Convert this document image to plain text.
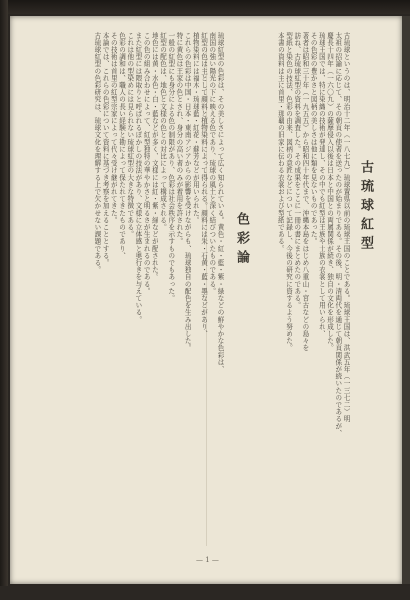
古琉球紅型
色彩論	古琉球というのは、明治十二年（一八七九）琉球置県以前の琉球王国のことである。琉球王国は、洪武五年（一三七二）明
太祖の招諭に応じて、その朝貢の使者を送ったのが始まりである。その後、明・清両代を通じて朝貢関係が続いたのであるが、
慶長十四年（一六〇九）の薩摩侵入以後は日本と中国との両属関係が続き、独自の文化を形成した。
琉球王国では、特に染織の技術が発達し、その中でも紅型は王族や士族の衣裳として用いられ、
その色彩の豊かさと図柄の美しさは他に類を見ないものであった。
著者は昭和三十年（一九五五）から昭和四十年代まで、沖縄本島をはじめ八重山・宮古などの島々を
訪ね、古琉球紅型の資料を調査した。その成果をここに一冊の書にまとめたのである。
型紙と染色の技法、色彩の由来、図柄の意匠などについて記録し、今後の研究に資するよう努めた。
本書の資料は主に首里・那覇の旧家に伝わる衣裳および型紙である。
琉球紅型の色彩は、その美しさによって広く知られている。黄色・紅・藍・紫・緑などの鮮やかな色彩は、
南国の強い陽光の下に映える色であり、琉球の風土と深く結びついたものである。
紅型の色は主として顔料と植物染料によって得られる。顔料には朱・石黄・藍・墨などがあり、
植物染料には福木・琉球藍・紅花・蘇芳などが用いられた。
これらの色彩は中国・日本・東南アジアからの影響を受けながらも、琉球独自の配色を生み出した。
特に黄色は王家の色とされ、身分の高い者のみが着用を許された。
一般の紅型にも身分による色の制限があり、色彩は社会秩序を示すものでもあった。
紅型の配色は、地色と文様の色との対比によって構成される。
地色には黄・水色・白・藍などが多く、文様には紅・紫・緑などが配された。
この色の組み合わせによって、紅型独特の華やかさと明るさが生まれるのである。
また紅型には隈取りと呼ばれるぼかしの技法があり、文様に立体感と奥行きを与えている。
これは他の型染めには見られない琉球紅型の大きな特徴である。
色彩の調和は、職人の長い経験と勘によって保たれてきたものであり、
その技術は首里の紅型宗家によって代々受け継がれてきた。
本論では、これらの色彩について資料に基づき考察を加えることとする。
古琉球紅型の色彩研究は、琉球文化を理解する上で欠かせない課題である。
— 1 —
